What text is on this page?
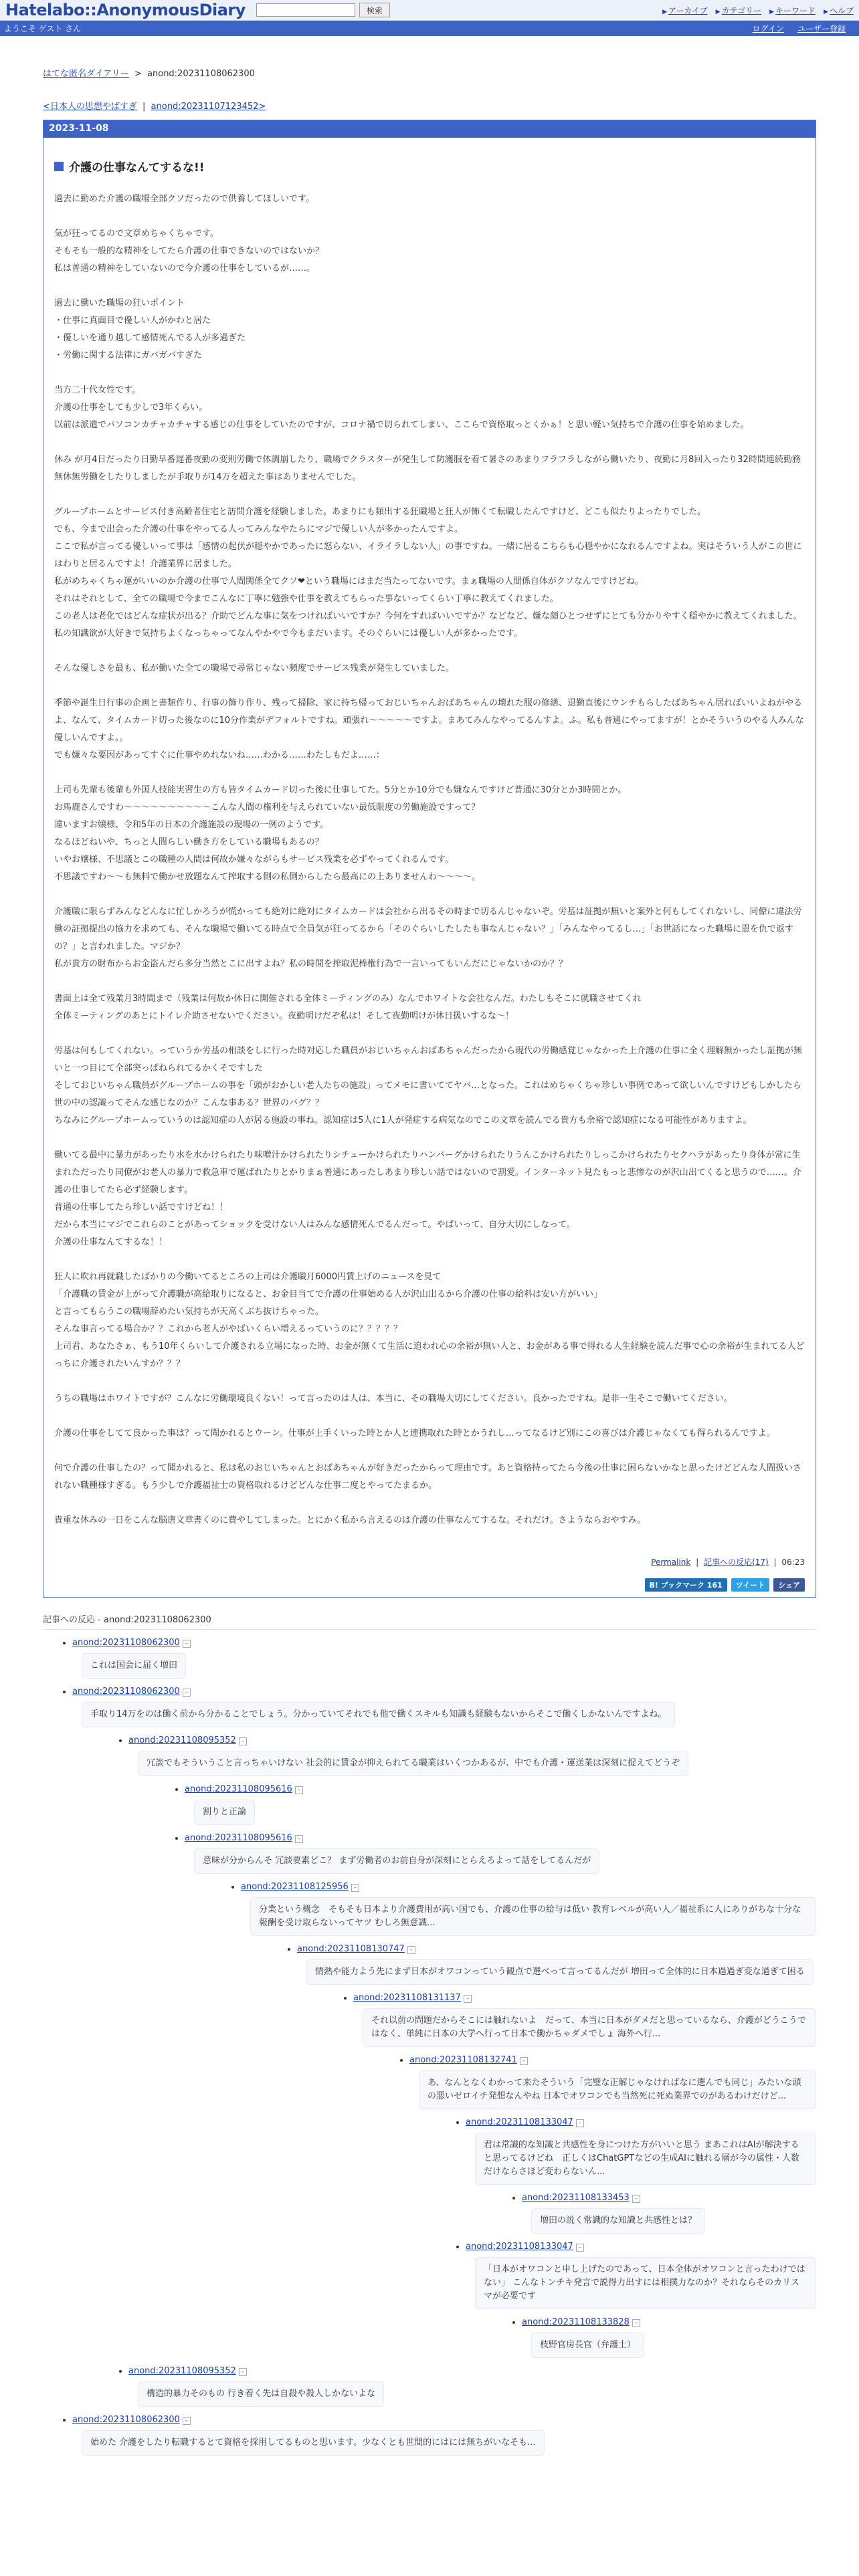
Hatelabo::AnonymousDiary	検索	▶ アーカイブ ▶ カテゴリー ▶ キーワード ▶ ヘルプ
ようこそ ゲスト さん	ログイン ユーザー登録
はてな匿名ダイアリー > anond:20231108062300
<日本人の思想やばすぎ | anond:20231107123452>
2023-11-08
介護の仕事なんてするな!!

過去に勤めた介護の職場全部クソだったので供養してほしいです。

気が狂ってるので文章めちゃくちゃです。

そもそも一般的な精神をしてたら介護の仕事できないのではないか？

私は普通の精神をしていないので今介護の仕事をしているが……。

過去に働いた職場の狂いポイント

・仕事に真面目で優しい人がかわと居た

・優しいを通り越して感情死んでる人が多過ぎた

・労働に関する法律にガバガバすぎた

当方二十代女性です。

介護の仕事をしても少しで3年くらい。

以前は派遣でパソコンカチャカチャする感じの仕事をしていたのですが、コロナ禍で切られてしまい、ここらで資格取っとくかぁ！と思い軽い気持ちで介護の仕事を始めました。

休み が月4日だったり日勤早番遅番夜勤の変則労働で体調崩したり、職場でクラスターが発生して防護服を着て暑さのあまりフラフラしながら働いたり、夜勤に月8回入ったり32時間連続勤務無休無労働をしたりしましたが手取りが14万を超えた事はありませんでした。

グループホームとサービス付き高齢者住宅と訪問介護を経験しました。あまりにも頻出する狂職場と狂人が怖くて転職したんですけど、どこも似たりよったりでした。

でも、今まで出会った介護の仕事をやってる人ってみんなやたらにマジで優しい人が多かったんですよ。

ここで私が言ってる優しいって事は「感情の起伏が穏やかであったに怒らない、イライラしない人」の事ですね。一緒に居るこちらも心穏やかになれるんですよね。実はそういう人がこの世にはわりと居るんですよ！介護業界に居ました。

私がめちゃくちゃ運がいいのか介護の仕事で人間関係全てクソ❤という職場にはまだ当たってないです。まぁ職場の人間係自体がクソなんですけどね。

それはそれとして、全ての職場で今までこんなに丁寧に勉強や仕事を教えてもらった事ないってくらい丁寧に教えてくれました。

この老人は老化ではどんな症状が出る？介助でどんな事に気をつければいいですか？今何をすればいいですか？などなど、嫌な顔ひとつせずにとても分かりやすく穏やかに教えてくれました。私の知識欲が大好きで気持ちよくなっちゃってなんやかやで今もまだいます。そのぐらいには優しい人が多かったです。

そんな優しさを最も、私が働いた全ての職場で尋常じゃない頻度でサービス残業が発生していました。

季節や誕生日行事の企画と書類作り、行事の飾り作り、残って掃除、家に持ち帰っておじいちゃんおばあちゃんの壊れた服の修繕、退勤直後にウンチもらしたばあちゃん居ればいいよねがやるよ、なんて、タイムカード切った後なのに10分作業がデフォルトですね。頑張れ〜〜〜〜〜ですよ。まあてみんなやってるんすよ。ふ。私も普通にやってますが！とかそういうのやる人みんな優しいんですよ。。

でも嫌々な要因があってすぐに仕事やめれないね……わかる……わたしもだよ……：

上司も先輩も後輩も外国人技能実習生の方も皆タイムカード切った後に仕事してた。5分とか10分でも嫌なんですけど普通に30分とか3時間とか。

お馬鹿さんですわ〜〜〜〜〜〜〜〜〜〜こんな人間の権利を与えられていない最低限度の労働施設ですって？

違いますお嬢様、令和5年の日本の介護施設の現場の一例のようです。

なるほどねいや、ちっと人間らしい働き方をしている職場もあるの？

いやお嬢様、不思議とこの職種の人間は何故か嫌々ながらもサービス残業を必ずやってくれるんです。

不思議ですわ〜〜も無料で働かせ放題なんて搾取する側の私側からしたら最高にの上ありませんわ〜〜〜〜。

介護職に限らずみんなどんなに忙しかろうが慌かっても絶対に絶対にタイムカードは会社から出るその時まで切るんじゃないぞ。労基は証拠が無いと案外と何もしてくれないし、同僚に違法労働の証拠提出の協力を求めても、そんな職場で働いてる時点で全員気が狂ってるから「そのぐらいしたしたも事なんじゃない？」「みんなやってるし…」「お世話になった職場に恩を仇で返すの？」と言われました。マジか？

私が貴方の財布からお金盗んだら多分当然とこに出すよね？私の時間を搾取泥棒権行為で一言いってもいんだにじゃないかのか？？

書面上は全て残業月3時間まで（残業は何故か休日に開催される全体ミーティングのみ）なんでホワイトな会社なんだ。わたしもそこに就職させてくれ

全体ミーティングのあとにトイレ介助させないでください。夜勤明けだぞ私は！そして夜勤明けが休日扱いするな〜！

労基は何もしてくれない。っていうか労基の相談をしに行った時対応した職員がおじいちゃんおばあちゃんだったから現代の労働感覚じゃなかった上介護の仕事に全く理解無かったし証拠が無いと一つ目にて全部突っぱねられてるかくそですした

そしておじいちゃん職員がグループホームの事を「頭がおかしい老人たちの施設」ってメモに書いててヤバ…となった。これはめちゃくちゃ珍しい事例であって欲しいんですけどもしかしたら世の中の認識ってそんな感じなのか？こんな事ある？世界のバグ？？

ちなみにグループホームっていうのは認知症の人が居る施設の事ね。認知症は5人に1人が発症する病気なのでこの文章を読んでる貴方も余裕で認知症になる可能性がありますよ。

働いてる最中に暴力があったり水を水かけられたり味噌汁かけられたりシチューかけられたりハンバーグかけられたりうんこかけられたりしっこかけられたりセクハラがあったり身体が常に生まれただったり同僚がお老人の暴力で救急車で運ばれたりとかりまぁ普通にあったしあまり珍しい話ではないので割愛。インターネット見たもっと悲惨なのが沢山出てくると思うので……。介護の仕事してたら必ず経験します。

普通の仕事してたら珍しい話ですけどね！！

だから本当にマジでこれらのことがあってショックを受けない人はみんな感情死んでるんだって。やばいって、自分大切にしなって。

介護の仕事なんてするな！！

狂人に吹れ再就職したばかりの今働いてるところの上司は介護職月6000円賃上げのニュースを見て

「介護職の賃金が上がって介護職が高給取りになると、お金目当てで介護の仕事始める人が沢山出るから介護の仕事の給料は安い方がいい」

と言ってもらうこの職場辞めたい気持ちが天高くぶち抜けちゃった。

そんな事言ってる場合か？？これから老人がやばいくらい増えるっていうのに？？？？？

上司君、あなたさぁ、もう10年くらいして介護される立場になった時、お金が無くて生活に追われ心の余裕が無い人と、お金がある事で得れる人生経験を読んだ事で心の余裕が生まれてる人どっちに介護されたいんすか？？？

うちの職場はホワイトですが？こんなに労働環境良くない！って言ったのは人は、本当に、その職場大切にしてください。良かったですね。是非一生そこで働いてください。

介護の仕事をしてて良かった事は？って聞かれるとウーン。仕事が上手くいった時とか人と連携取れた時とかうれし…ってなるけど別にこの喜びは介護じゃなくても得られるんですよ。

何で介護の仕事したの？って聞かれると、私は私のおじいちゃんとおばあちゃんが好きだったからって理由です。あと資格持ってたら今後の仕事に困らないかなと思ったけどどんな人間扱いされない職種様すぎる。もう少しで介護福祉士の資格取れるけどどんな仕事二度とやってたまるか。

貴重な休みの一日をこんな脳唐文章書くのに費やしてしまった。とにかく私から言えるのは介護の仕事なんてするな。それだけ。さようならおやすみ。

Permalink | 記事への反応(17) | 06:23
B! ブックマーク 161	ツイート	シェア
記事への反応 - anond:20231108062300
• anond:20231108062300 –
これは国会に届く増田
• anond:20231108062300 –
手取り14万をのは働く前から分かることでしょう。分かっていてそれでも他で働くスキルも知識も経験もないからそこで働くしかないんですよね。
• anond:20231108095352 –
冗談でもそういうこと言っちゃいけない 社会的に賃金が抑えられてる職業はいくつかあるが、中でも介護・運送業は深刻に捉えてどうぞ
• anond:20231108095616 –
割りと正論
• anond:20231108095616 –
意味が分からんそ 冗談要素どこ？ まず労働者のお前自身が深刻にとらえろよって話をしてるんだが
• anond:20231108125956 –
分業という概念　そもそも日本より介護費用が高い国でも、介護の仕事の給与は低い 教育レベルが高い人／福祉系に人にありがちな十分な報酬を受け取らないってヤツ むしろ無意識...
• anond:20231108130747 –
情熱や能力よう先にまず日本がオワコンっていう観点で選べって言ってるんだが 増田って全体的に日本過過ぎ変な過ぎて困る
• anond:20231108131137 –
それ以前の問題だからそこには触れないよ　だって、本当に日本がダメだと思っているなら、介護がどうこうではなく、単純に日本の大学へ行って日本で働かちゃダメでしょ 海外へ行...
• anond:20231108132741 –
あ、なんとなくわかって来たそういう「完璧な正解じゃなければなに選んでも同じ」みたいな頭の悪いゼロイチ発想なんやね 日本でオワコンでも当然死に死ぬ業界でのがあるわけだけど...
• anond:20231108133047 –
君は常識的な知識と共感性を身につけた方がいいと思う まあこれはAIが解決すると思ってるけどね　正しくはChatGPTなどの生成AIに触れる層が今の属性・人数だけならさほど変わらないん...
• anond:20231108133453 –
増田の説く常識的な知識と共感性とは？
• anond:20231108133047 –
「日本がオワコンと申し上げたのであって、日本全体がオワコンと言ったわけではない」 こんなトンチキ発言で説得力出すには相撲力なのか？それならそのカリスマが必要です
• anond:20231108133828 –
枝野官房長官（弁護士）
• anond:20231108095352 –
構造的暴力そのもの 行き着く先は自殺や殺人しかないよな
• anond:20231108062300 –
始めた 介護をしたり転職するとて資格を採用してるものと思います。少なくとも世間的にはには無ちがいなそも...
